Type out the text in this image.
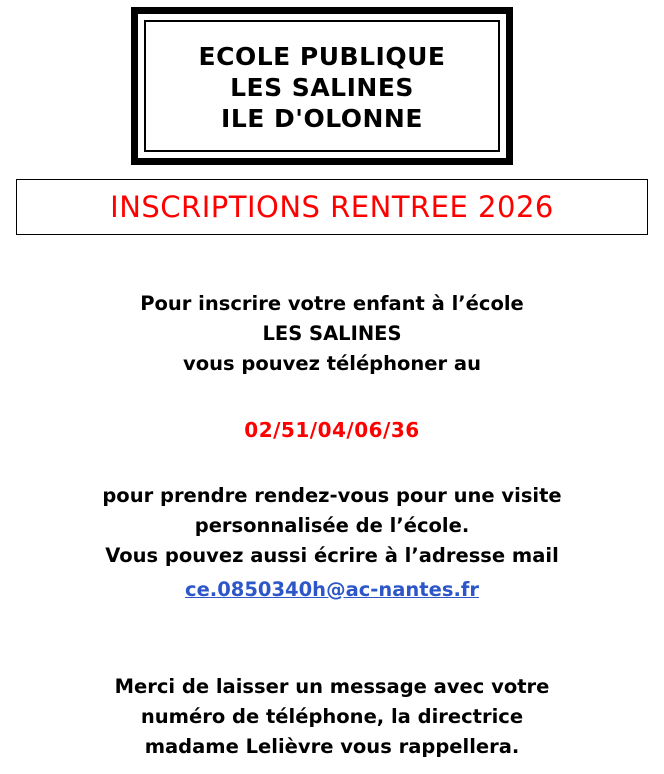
ECOLE PUBLIQUE
LES SALINES
ILE D'OLONNE
INSCRIPTIONS RENTREE 2026
Pour inscrire votre enfant à l’école
LES SALINES
vous pouvez téléphoner au
02/51/04/06/36
pour prendre rendez-vous pour une visite
personnalisée de l’école.
Vous pouvez aussi écrire à l’adresse mail
ce.0850340h@ac-nantes.fr
Merci de laisser un message avec votre
numéro de téléphone, la directrice
madame Lelièvre vous rappellera.
